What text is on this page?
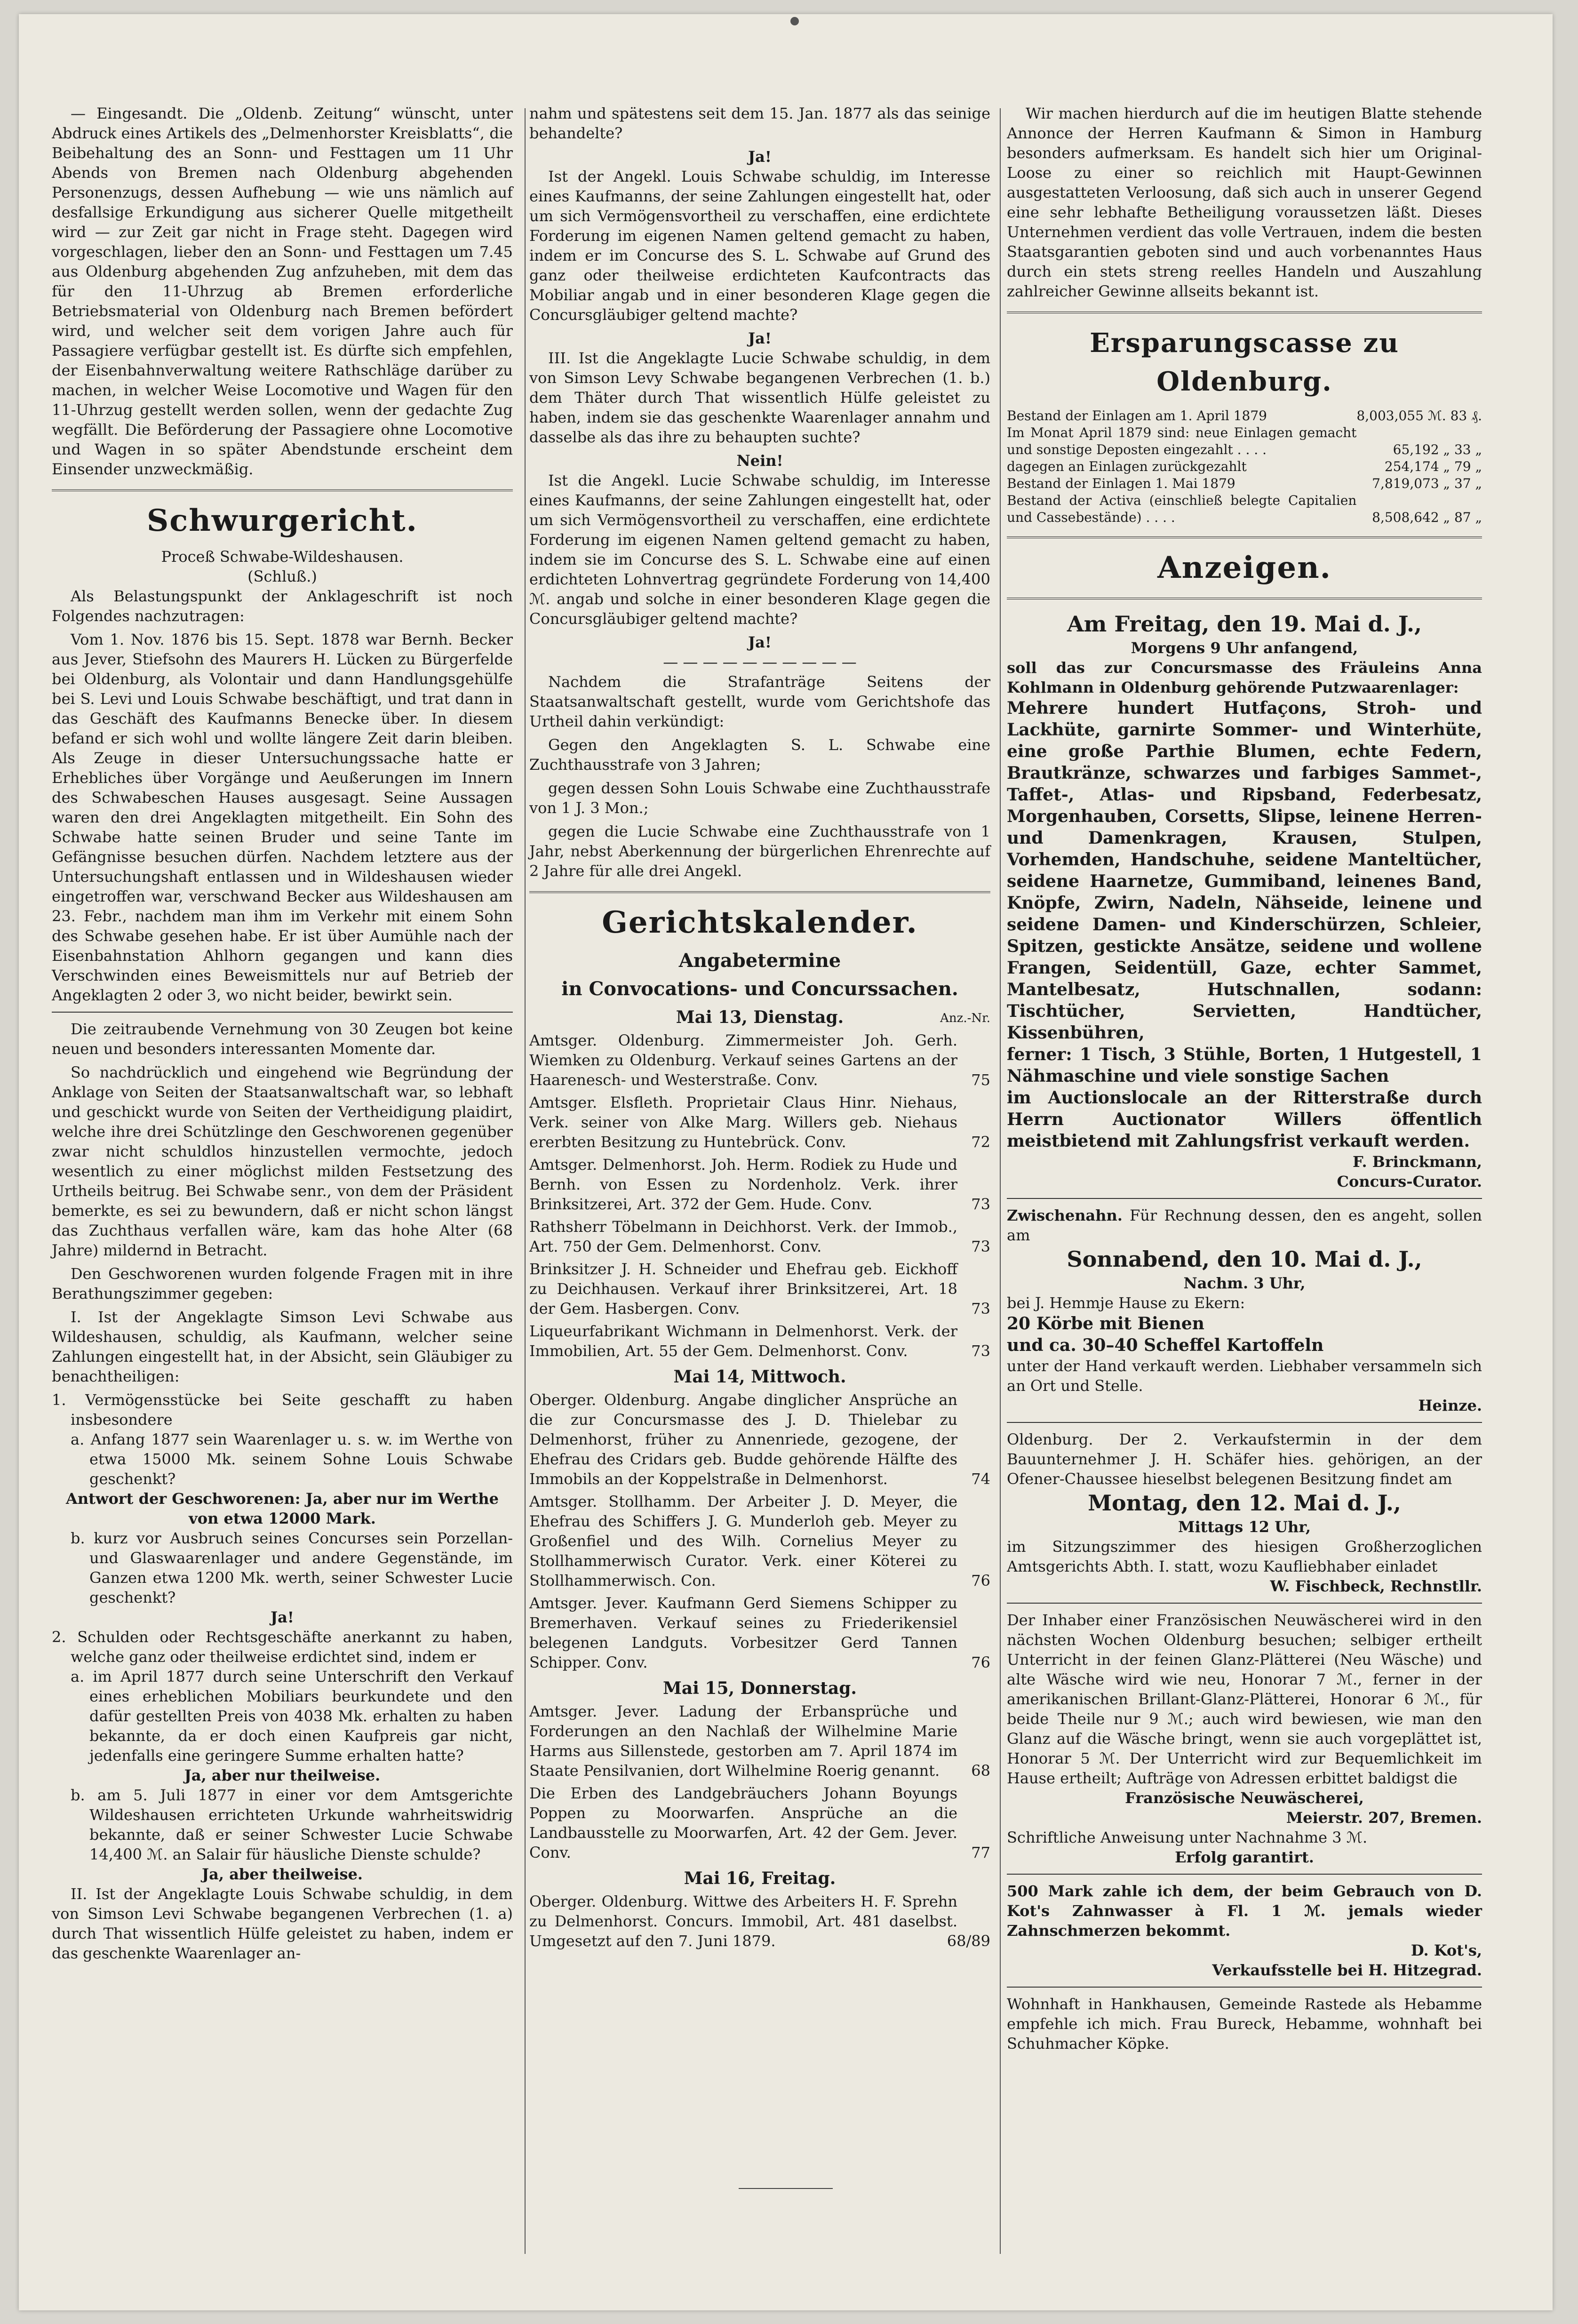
— Eingesandt. Die „Oldenb. Zeitung“ wünscht, unter Abdruck eines Artikels des „Delmenhorster Kreisblatts“, die Beibehaltung des an Sonn- und Festtagen um 11 Uhr Abends von Bremen nach Oldenburg abgehenden Personenzugs, dessen Aufhebung — wie uns nämlich auf desfallsige Erkundigung aus sicherer Quelle mitgetheilt wird — zur Zeit gar nicht in Frage steht. Dagegen wird vorgeschlagen, lieber den an Sonn- und Festtagen um 7.45 aus Oldenburg abgehenden Zug anfzuheben, mit dem das für den 11-Uhrzug ab Bremen erforderliche Betriebsmaterial von Oldenburg nach Bremen befördert wird, und welcher seit dem vorigen Jahre auch für Passagiere verfügbar gestellt ist. Es dürfte sich empfehlen, der Eisenbahnverwaltung weitere Rathschläge darüber zu machen, in welcher Weise Locomotive und Wagen für den 11-Uhrzug gestellt werden sollen, wenn der gedachte Zug wegfällt. Die Beförderung der Passagiere ohne Locomotive und Wagen in so später Abendstunde erscheint dem Einsender unzweckmäßig.

Schwurgericht.
Proceß Schwabe-Wildeshausen.
(Schluß.)

Als Belastungspunkt der Anklageschrift ist noch Folgendes nachzutragen:

Vom 1. Nov. 1876 bis 15. Sept. 1878 war Bernh. Becker aus Jever, Stiefsohn des Maurers H. Lücken zu Bürgerfelde bei Oldenburg, als Volontair und dann Handlungsgehülfe bei S. Levi und Louis Schwabe beschäftigt, und trat dann in das Geschäft des Kaufmanns Benecke über. In diesem befand er sich wohl und wollte längere Zeit darin bleiben. Als Zeuge in dieser Untersuchungssache hatte er Erhebliches über Vorgänge und Aeußerungen im Innern des Schwabeschen Hauses ausgesagt. Seine Aussagen waren den drei Angeklagten mitgetheilt. Ein Sohn des Schwabe hatte seinen Bruder und seine Tante im Gefängnisse besuchen dürfen. Nachdem letztere aus der Untersuchungshaft entlassen und in Wildeshausen wieder eingetroffen war, verschwand Becker aus Wildeshausen am 23. Febr., nachdem man ihm im Verkehr mit einem Sohn des Schwabe gesehen habe. Er ist über Aumühle nach der Eisenbahnstation Ahlhorn gegangen und kann dies Verschwinden eines Beweismittels nur auf Betrieb der Angeklagten 2 oder 3, wo nicht beider, bewirkt sein.

Die zeitraubende Vernehmung von 30 Zeugen bot keine neuen und besonders interessanten Momente dar.

So nachdrücklich und eingehend wie Begründung der Anklage von Seiten der Staatsanwaltschaft war, so lebhaft und geschickt wurde von Seiten der Vertheidigung plaidirt, welche ihre drei Schützlinge den Geschworenen gegenüber zwar nicht schuldlos hinzustellen vermochte, jedoch wesentlich zu einer möglichst milden Festsetzung des Urtheils beitrug. Bei Schwabe senr., von dem der Präsident bemerkte, es sei zu bewundern, daß er nicht schon längst das Zuchthaus verfallen wäre, kam das hohe Alter (68 Jahre) mildernd in Betracht.

Den Geschworenen wurden folgende Fragen mit in ihre Berathungszimmer gegeben:

I. Ist der Angeklagte Simson Levi Schwabe aus Wildeshausen, schuldig, als Kaufmann, welcher seine Zahlungen eingestellt hat, in der Absicht, sein Gläubiger zu benachtheiligen:

1. Vermögensstücke bei Seite geschafft zu haben insbesondere
a. Anfang 1877 sein Waarenlager u. s. w. im Werthe von etwa 15000 Mk. seinem Sohne Louis Schwabe geschenkt?
Antwort der Geschworenen: Ja, aber nur im Werthe von etwa 12000 Mark.
b. kurz vor Ausbruch seines Concurses sein Porzellan- und Glaswaarenlager und andere Gegenstände, im Ganzen etwa 1200 Mk. werth, seiner Schwester Lucie geschenkt?
Ja!
2. Schulden oder Rechtsgeschäfte anerkannt zu haben, welche ganz oder theilweise erdichtet sind, indem er
a. im April 1877 durch seine Unterschrift den Verkauf eines erheblichen Mobiliars beurkundete und den dafür gestellten Preis von 4038 Mk. erhalten zu haben bekannte, da er doch einen Kaufpreis gar nicht, jedenfalls eine geringere Summe erhalten hatte?
Ja, aber nur theilweise.
b. am 5. Juli 1877 in einer vor dem Amtsgerichte Wildeshausen errichteten Urkunde wahrheitswidrig bekannte, daß er seiner Schwester Lucie Schwabe 14,400 ℳ. an Salair für häusliche Dienste schulde?
Ja, aber theilweise.

II. Ist der Angeklagte Louis Schwabe schuldig, in dem von Simson Levi Schwabe begangenen Verbrechen (1. a) durch That wissentlich Hülfe geleistet zu haben, indem er das geschenkte Waarenlager an-

nahm und spätestens seit dem 15. Jan. 1877 als das seinige behandelte?

Ja!

Ist der Angekl. Louis Schwabe schuldig, im Interesse eines Kaufmanns, der seine Zahlungen eingestellt hat, oder um sich Vermögensvortheil zu verschaffen, eine erdichtete Forderung im eigenen Namen geltend gemacht zu haben, indem er im Concurse des S. L. Schwabe auf Grund des ganz oder theilweise erdichteten Kaufcontracts das Mobiliar angab und in einer besonderen Klage gegen die Concursgläubiger geltend machte?

Ja!

III. Ist die Angeklagte Lucie Schwabe schuldig, in dem von Simson Levy Schwabe begangenen Verbrechen (1. b.) dem Thäter durch That wissentlich Hülfe geleistet zu haben, indem sie das geschenkte Waarenlager annahm und dasselbe als das ihre zu behaupten suchte?

Nein!

Ist die Angekl. Lucie Schwabe schuldig, im Interesse eines Kaufmanns, der seine Zahlungen eingestellt hat, oder um sich Vermögensvortheil zu verschaffen, eine erdichtete Forderung im eigenen Namen geltend gemacht zu haben, indem sie im Concurse des S. L. Schwabe eine auf einen erdichteten Lohnvertrag gegründete Forderung von 14,400 ℳ. angab und solche in einer besonderen Klage gegen die Concursgläubiger geltend machte?

Ja!
— — — — — — — — — —

Nachdem die Strafanträge Seitens der Staatsanwaltschaft gestellt, wurde vom Gerichtshofe das Urtheil dahin verkündigt:

Gegen den Angeklagten S. L. Schwabe eine Zuchthausstrafe von 3 Jahren;

gegen dessen Sohn Louis Schwabe eine Zuchthausstrafe von 1 J. 3 Mon.;

gegen die Lucie Schwabe eine Zuchthausstrafe von 1 Jahr, nebst Aberkennung der bürgerlichen Ehrenrechte auf 2 Jahre für alle drei Angekl.

Gerichtskalender.
Angabetermine
in Convocations- und Concurssachen.
Mai 13, Dienstag.	Anz.-Nr.
Amtsger. Oldenburg. Zimmermeister Joh. Gerh. Wiemken zu Oldenburg. Verkauf seines Gartens an der Haarenesch- und Westerstraße. Conv.	75
Amtsger. Elsfleth. Proprietair Claus Hinr. Niehaus, Verk. seiner von Alke Marg. Willers geb. Niehaus ererbten Besitzung zu Huntebrück. Conv.	72
Amtsger. Delmenhorst. Joh. Herm. Rodiek zu Hude und Bernh. von Essen zu Nordenholz. Verk. ihrer Brinksitzerei, Art. 372 der Gem. Hude. Conv.	73
Rathsherr Töbelmann in Deichhorst. Verk. der Immob., Art. 750 der Gem. Delmenhorst. Conv.	73
Brinksitzer J. H. Schneider und Ehefrau geb. Eickhoff zu Deichhausen. Verkauf ihrer Brinksitzerei, Art. 18 der Gem. Hasbergen. Conv.	73
Liqueurfabrikant Wichmann in Delmenhorst. Verk. der Immobilien, Art. 55 der Gem. Delmenhorst. Conv.	73
Mai 14, Mittwoch.
Oberger. Oldenburg. Angabe dinglicher Ansprüche an die zur Concursmasse des J. D. Thielebar zu Delmenhorst, früher zu Annenriede, gezogene, der Ehefrau des Cridars geb. Budde gehörende Hälfte des Immobils an der Koppelstraße in Delmenhorst.	74
Amtsger. Stollhamm. Der Arbeiter J. D. Meyer, die Ehefrau des Schiffers J. G. Munderloh geb. Meyer zu Großenfiel und des Wilh. Cornelius Meyer zu Stollhammerwisch Curator. Verk. einer Köterei zu Stollhammerwisch. Con.	76
Amtsger. Jever. Kaufmann Gerd Siemens Schipper zu Bremerhaven. Verkauf seines zu Friederikensiel belegenen Landguts. Vorbesitzer Gerd Tannen Schipper. Conv.	76
Mai 15, Donnerstag.
Amtsger. Jever. Ladung der Erbansprüche und Forderungen an den Nachlaß der Wilhelmine Marie Harms aus Sillenstede, gestorben am 7. April 1874 im Staate Pensilvanien, dort Wilhelmine Roerig genannt. 68
Die Erben des Landgebräuchers Johann Boyungs Poppen zu Moorwarfen. Ansprüche an die Landbausstelle zu Moorwarfen, Art. 42 der Gem. Jever. Conv.	77
Mai 16, Freitag.
Oberger. Oldenburg. Wittwe des Arbeiters H. F. Sprehn zu Delmenhorst. Concurs. Immobil, Art. 481 daselbst. Umgesetzt auf den 7. Juni 1879.	68/89

Wir machen hierdurch auf die im heutigen Blatte stehende Annonce der Herren Kaufmann & Simon in Hamburg besonders aufmerksam. Es handelt sich hier um Original-Loose zu einer so reichlich mit Haupt-Gewinnen ausgestatteten Verloosung, daß sich auch in unserer Gegend eine sehr lebhafte Betheiligung voraussetzen läßt. Dieses Unternehmen verdient das volle Vertrauen, indem die besten Staatsgarantien geboten sind und auch vorbenanntes Haus durch ein stets streng reelles Handeln und Auszahlung zahlreicher Gewinne allseits bekannt ist.

Ersparungscasse zu Oldenburg.
Bestand der Einlagen am 1. April 1879	8,003,055 ℳ. 83 ₰.
Im Monat April 1879 sind: neue Einlagen gemacht und sonstige Deposten eingezahlt . . . .	65,192 „ 33 „
dagegen an Einlagen zurückgezahlt	254,174 „ 79 „
Bestand der Einlagen 1. Mai 1879	7,819,073 „ 37 „
Bestand der Activa (einschließ belegte Capitalien und Cassebestände) . . . .	8,508,642 „ 87 „
Anzeigen.
Am Freitag, den 19. Mai d. J.,
Morgens 9 Uhr anfangend,
soll das zur Concursmasse des Fräuleins Anna Kohlmann in Oldenburg gehörende Putzwaarenlager:
Mehrere hundert Hutfaçons, Stroh- und Lackhüte, garnirte Sommer- und Winterhüte, eine große Parthie Blumen, echte Federn, Brautkränze, schwarzes und farbiges Sammet-, Taffet-, Atlas- und Ripsband, Federbesatz, Morgenhauben, Corsetts, Slipse, leinene Herren- und Damenkragen, Krausen, Stulpen, Vorhemden, Handschuhe, seidene Manteltücher, seidene Haarnetze, Gummiband, leinenes Band, Knöpfe, Zwirn, Nadeln, Nähseide, leinene und seidene Damen- und Kinderschürzen, Schleier, Spitzen, gestickte Ansätze, seidene und wollene Frangen, Seidentüll, Gaze, echter Sammet, Mantelbesatz, Hutschnallen, sodann: Tischtücher, Servietten, Handtücher, Kissenbühren,
ferner: 1 Tisch, 3 Stühle, Borten, 1 Hutgestell, 1 Nähmaschine und viele sonstige Sachen
im Auctionslocale an der Ritterstraße durch Herrn Auctionator Willers öffentlich meistbietend mit Zahlungsfrist verkauft werden.
F. Brinckmann,
Concurs-Curator.
Zwischenahn. Für Rechnung dessen, den es angeht, sollen am
Sonnabend, den 10. Mai d. J.,
Nachm. 3 Uhr,
bei J. Hemmje Hause zu Ekern:
20 Körbe mit Bienen
und ca. 30–40 Scheffel Kartoffeln
unter der Hand verkauft werden. Liebhaber versammeln sich an Ort und Stelle.
Heinze.
Oldenburg. Der 2. Verkaufstermin in der dem Bauunternehmer J. H. Schäfer hies. gehörigen, an der Ofener-Chaussee hieselbst belegenen Besitzung findet am
Montag, den 12. Mai d. J.,
Mittags 12 Uhr,
im Sitzungszimmer des hiesigen Großherzoglichen Amtsgerichts Abth. I. statt, wozu Kaufliebhaber einladet
W. Fischbeck, Rechnstllr.
Der Inhaber einer Französischen Neuwäscherei wird in den nächsten Wochen Oldenburg besuchen; selbiger ertheilt Unterricht in der feinen Glanz-Plätterei (Neu Wäsche) und alte Wäsche wird wie neu, Honorar 7 ℳ., ferner in der amerikanischen Brillant-Glanz-Plätterei, Honorar 6 ℳ., für beide Theile nur 9 ℳ.; auch wird bewiesen, wie man den Glanz auf die Wäsche bringt, wenn sie auch vorgeplättet ist, Honorar 5 ℳ. Der Unterricht wird zur Bequemlichkeit im Hause ertheilt; Aufträge von Adressen erbittet baldigst die
Französische Neuwäscherei,
Meierstr. 207, Bremen.
Schriftliche Anweisung unter Nachnahme 3 ℳ.
Erfolg garantirt.
500 Mark zahle ich dem, der beim Gebrauch von D. Kot's Zahnwasser à Fl. 1 ℳ. jemals wieder Zahnschmerzen bekommt.
D. Kot's,
Verkaufsstelle bei H. Hitzegrad.
Wohnhaft in Hankhausen, Gemeinde Rastede als Hebamme empfehle ich mich. Frau Bureck, Hebamme, wohnhaft bei Schuhmacher Köpke.
